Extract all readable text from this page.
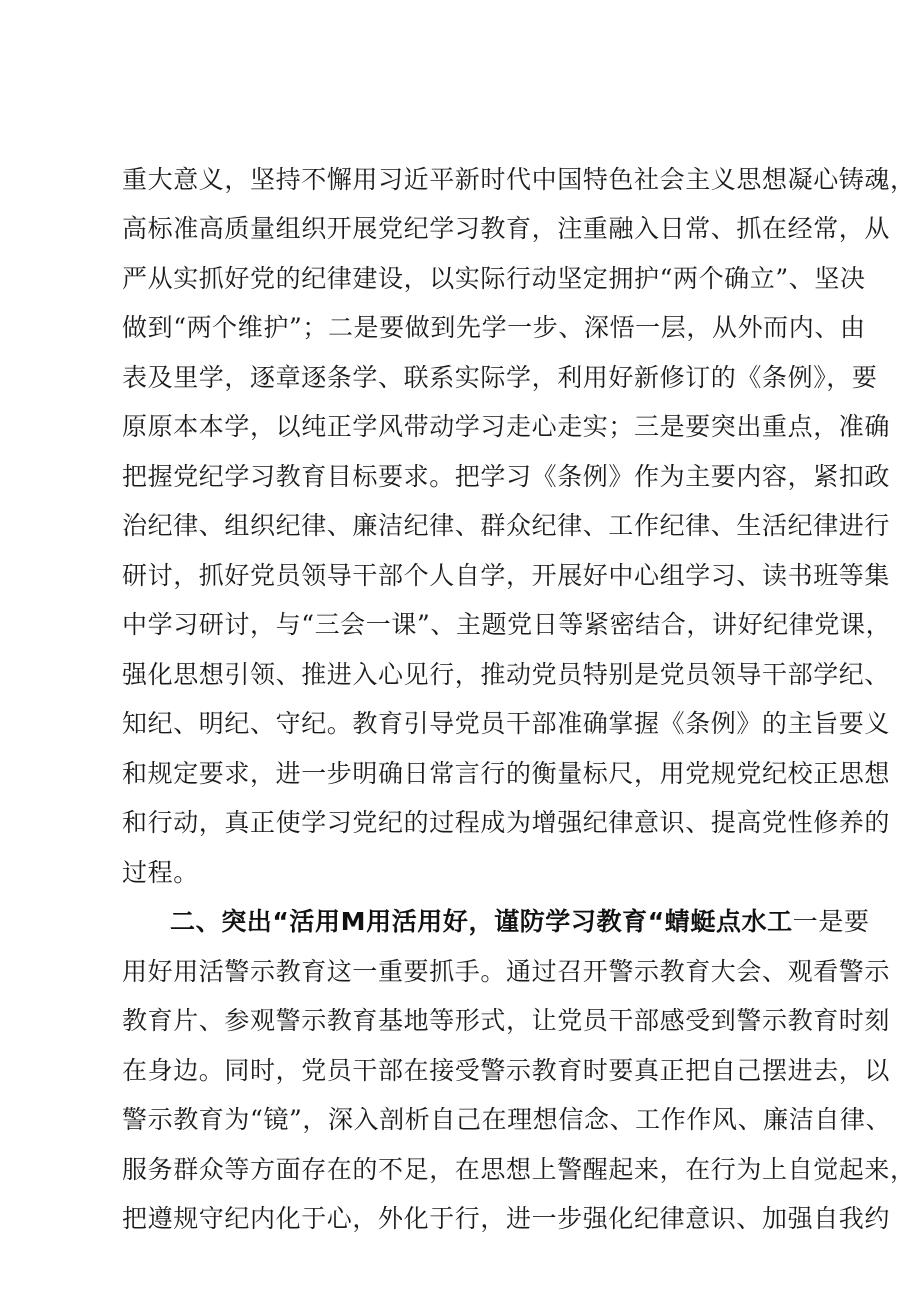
重大意义，坚持不懈用习近平新时代中国特色社会主义思想凝心铸魂，
高标准高质量组织开展党纪学习教育，注重融入日常、抓在经常，从
严从实抓好党的纪律建设，以实际行动坚定拥护“两个确立”、坚决
做到“两个维护”；二是要做到先学一步、深悟一层，从外而内、由
表及里学，逐章逐条学、联系实际学，利用好新修订的《条例》，要
原原本本学，以纯正学风带动学习走心走实；三是要突出重点，准确
把握党纪学习教育目标要求。把学习《条例》作为主要内容，紧扣政
治纪律、组织纪律、廉洁纪律、群众纪律、工作纪律、生活纪律进行
研讨，抓好党员领导干部个人自学，开展好中心组学习、读书班等集
中学习研讨，与“三会一课”、主题党日等紧密结合，讲好纪律党课，
强化思想引领、推进入心见行，推动党员特别是党员领导干部学纪、
知纪、明纪、守纪。教育引导党员干部准确掌握《条例》的主旨要义
和规定要求，进一步明确日常言行的衡量标尺，用党规党纪校正思想
和行动，真正使学习党纪的过程成为增强纪律意识、提高党性修养的
过程。
二、突出“活用M用活用好，谨防学习教育“蜻蜓点水工一是要
用好用活警示教育这一重要抓手。通过召开警示教育大会、观看警示
教育片、参观警示教育基地等形式，让党员干部感受到警示教育时刻
在身边。同时，党员干部在接受警示教育时要真正把自己摆进去，以
警示教育为“镜”，深入剖析自己在理想信念、工作作风、廉洁自律、
服务群众等方面存在的不足，在思想上警醒起来，在行为上自觉起来，
把遵规守纪内化于心，外化于行，进一步强化纪律意识、加强自我约
